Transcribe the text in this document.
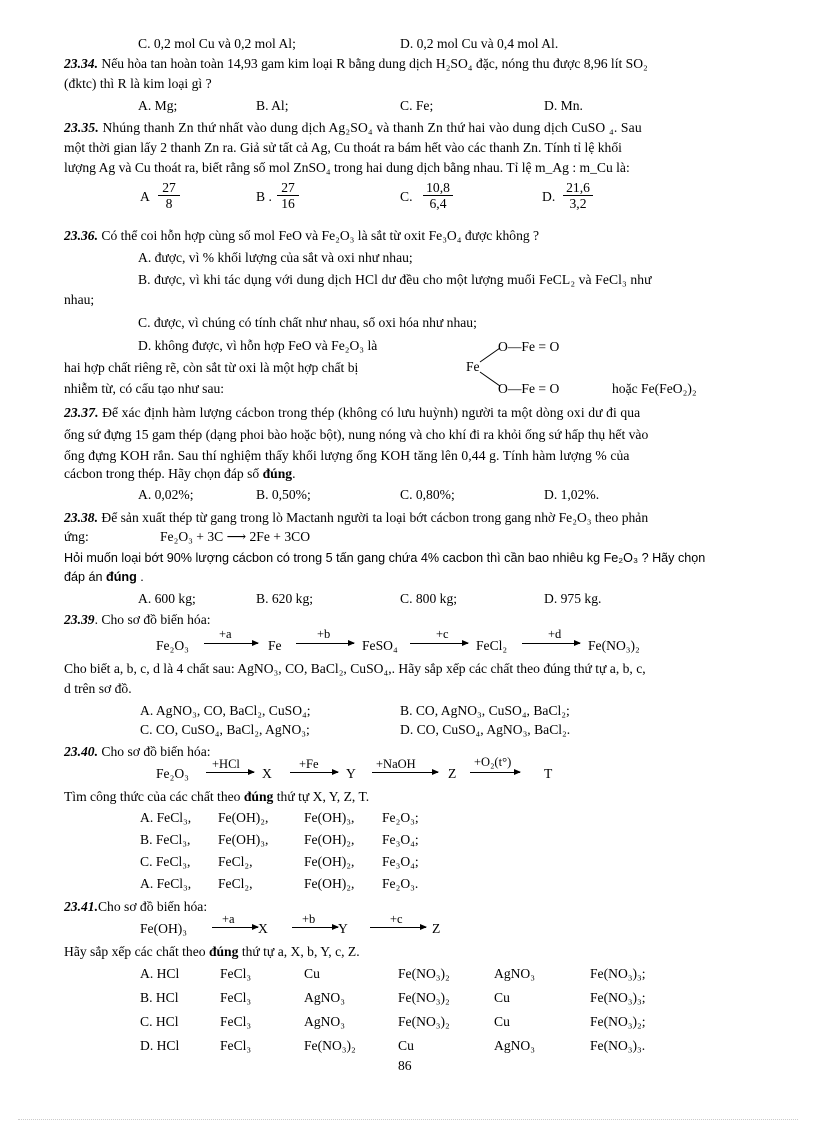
C. 0,2 mol Cu và 0,2 mol Al;	D. 0,2 mol Cu và 0,4 mol Al.
23.34. Nếu hòa tan hoàn toàn 14,93 gam kim loại R bằng dung dịch H₂SO₄ đặc, nóng thu được 8,96 lít SO₂
(đktc) thì R là kim loại gì ?
A. Mg;	B. Al;	C. Fe;	D. Mn.
23.35. Nhúng thanh Zn thứ nhất vào dung dịch Ag₂SO₄ và thanh Zn thứ hai vào dung dịch CuSO ₄. Sau
một thời gian lấy 2 thanh Zn ra. Giả sử tất cả Ag, Cu thoát ra bám hết vào các thanh Zn. Tính tỉ lệ khối
lượng Ag và Cu thoát ra, biết rằng số mol ZnSO₄ trong hai dung dịch bằng nhau. Tỉ lệ m_Ag : m_Cu là:
A $\frac{27}{8}$	B . $\frac{27}{16}$	C. $\frac{10,8}{6,4}$	D. $\frac{21,6}{3,2}$
23.36. Có thể coi hỗn hợp cùng số mol FeO và Fe₂O₃ là sắt từ oxit Fe₃O₄ được không ?
A. được, vì % khối lượng của sắt và oxi như nhau;
B. được, vì khi tác dụng với dung dịch HCl dư đều cho một lượng muối FeCL₂ và FeCl₃ như
nhau;
C. được, vì chúng có tính chất như nhau, số oxi hóa như nhau;
D. không được, vì hỗn hợp FeO và Fe₂O₃ là
hai hợp chất riêng rẽ, còn sắt từ oxi là một hợp chất bị
nhiễm từ, có cấu tạo như sau:
O—Fe = O
Fe
O—Fe = O	hoặc Fe(FeO₂)₂
23.37. Để xác định hàm lượng cácbon trong thép (không có lưu huỳnh) người ta một dòng oxi dư đi qua
ống sứ đựng 15 gam thép (dạng phoi bào hoặc bột), nung nóng và cho khí đi ra khỏi ống sứ hấp thụ hết vào
ống đựng KOH rắn. Sau thí nghiệm thấy khối lượng ống KOH tăng lên 0,44 g. Tính hàm lượng % của
cácbon trong thép. Hãy chọn đáp số đúng.
A. 0,02%;	B. 0,50%;	C. 0,80%;	D. 1,02%.
23.38. Để sản xuất thép từ gang trong lò Mactanh người ta loại bớt cácbon trong gang nhờ Fe₂O₃ theo phản
ứng:	Fe₂O₃ + 3C ⟶ 2Fe + 3CO
Hỏi muốn loại bớt 90% lượng cácbon có trong 5 tấn gang chứa 4% cacbon thì cần bao nhiêu kg Fe₂O₃ ? Hãy chọn
đáp án đúng .
A. 600 kg;	B. 620 kg;	C. 800 kg;	D. 975 kg.
23.39. Cho sơ đồ biến hóa:
Fe₂O₃
+a
Fe
+b
FeSO₄
+c
FeCl₂
+d
Fe(NO₃)₂
Cho biết a, b, c, d là 4 chất sau: AgNO₃, CO, BaCl₂, CuSO₄,. Hãy sắp xếp các chất theo đúng thứ tự a, b, c,
d trên sơ đồ.
A. AgNO₃, CO, BaCl₂, CuSO₄;	B. CO, AgNO₃, CuSO₄, BaCl₂;
C. CO, CuSO₄, BaCl₂, AgNO₃;	D. CO, CuSO₄, AgNO₃, BaCl₂.
23.40. Cho sơ đồ biến hóa:
Fe₂O₃
+HCl
X
+Fe
Y
+NaOH
Z
+O₂(t°)
T
Tìm công thức của các chất theo đúng thứ tự X, Y, Z, T.
A. FeCl₃, Fe(OH)₂,	Fe(OH)₃, Fe₂O₃;
B. FeCl₃, Fe(OH)₃,	Fe(OH)₂, Fe₃O₄;
C. FeCl₃, FeCl₂,	Fe(OH)₂, Fe₃O₄;
A. FeCl₃, FeCl₂,	Fe(OH)₂, Fe₂O₃.
23.41.Cho sơ đồ biến hóa:
Fe(OH)₃
+a
X
+b
Y
+c
Z
Hãy sắp xếp các chất theo đúng thứ tự a, X, b, Y, c, Z.
A. HCl	FeCl₃	Cu	Fe(NO₃)₂	AgNO₃	Fe(NO₃)₃;
B. HCl	FeCl₃	AgNO₃	Fe(NO₃)₂	Cu	Fe(NO₃)₃;
C. HCl	FeCl₃	AgNO₃	Fe(NO₃)₂	Cu	Fe(NO₃)₂;
D. HCl	FeCl₃	Fe(NO₃)₂	Cu	AgNO₃	Fe(NO₃)₃.
86
